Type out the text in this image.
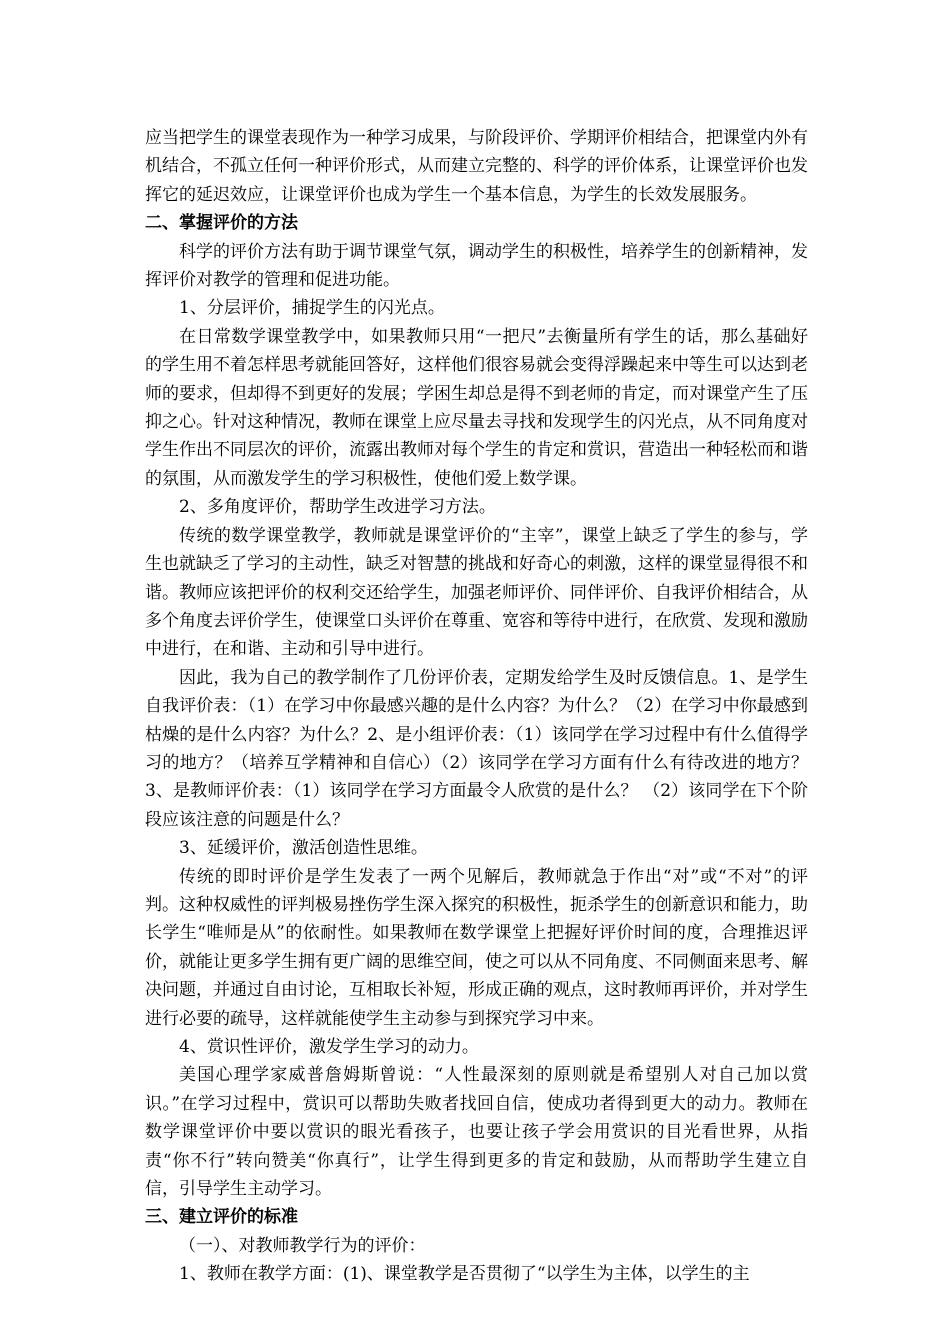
应当把学生的课堂表现作为一种学习成果，与阶段评价、学期评价相结合，把课堂内外有机结合，不孤立任何一种评价形式，从而建立完整的、科学的评价体系，让课堂评价也发挥它的延迟效应，让课堂评价也成为学生一个基本信息，为学生的长效发展服务。

二、掌握评价的方法

科学的评价方法有助于调节课堂气氛，调动学生的积极性，培养学生的创新精神，发挥评价对教学的管理和促进功能。

1、分层评价，捕捉学生的闪光点。

在日常数学课堂教学中，如果教师只用“一把尺”去衡量所有学生的话，那么基础好的学生用不着怎样思考就能回答好，这样他们很容易就会变得浮躁起来中等生可以达到老师的要求，但却得不到更好的发展；学困生却总是得不到老师的肯定，而对课堂产生了压抑之心。针对这种情况，教师在课堂上应尽量去寻找和发现学生的闪光点，从不同角度对学生作出不同层次的评价，流露出教师对每个学生的肯定和赏识，营造出一种轻松而和谐的氛围，从而激发学生的学习积极性，使他们爱上数学课。

2、多角度评价，帮助学生改进学习方法。

传统的数学课堂教学，教师就是课堂评价的“主宰”，课堂上缺乏了学生的参与，学生也就缺乏了学习的主动性，缺乏对智慧的挑战和好奇心的刺激，这样的课堂显得很不和谐。教师应该把评价的权利交还给学生，加强老师评价、同伴评价、自我评价相结合，从多个角度去评价学生，使课堂口头评价在尊重、宽容和等待中进行，在欣赏、发现和激励中进行，在和谐、主动和引导中进行。

因此，我为自己的教学制作了几份评价表，定期发给学生及时反馈信息。1、是学生自我评价表：（1）在学习中你最感兴趣的是什么内容？为什么？（2）在学习中你最感到枯燥的是什么内容？为什么？2、是小组评价表：（1）该同学在学习过程中有什么值得学习的地方？（培养互学精神和自信心）（2）该同学在学习方面有什么有待改进的地方？3、是教师评价表：（1）该同学在学习方面最令人欣赏的是什么？ （2）该同学在下个阶段应该注意的问题是什么？

3、延缓评价，激活创造性思维。

传统的即时评价是学生发表了一两个见解后，教师就急于作出“对”或“不对”的评判。这种权威性的评判极易挫伤学生深入探究的积极性，扼杀学生的创新意识和能力，助长学生“唯师是从”的依耐性。如果教师在数学课堂上把握好评价时间的度，合理推迟评价，就能让更多学生拥有更广阔的思维空间，使之可以从不同角度、不同侧面来思考、解决问题，并通过自由讨论，互相取长补短，形成正确的观点，这时教师再评价，并对学生进行必要的疏导，这样就能使学生主动参与到探究学习中来。

4、赏识性评价，激发学生学习的动力。

美国心理学家威普詹姆斯曾说：“人性最深刻的原则就是希望别人对自己加以赏识。”在学习过程中，赏识可以帮助失败者找回自信，使成功者得到更大的动力。教师在数学课堂评价中要以赏识的眼光看孩子，也要让孩子学会用赏识的目光看世界，从指责“你不行”转向赞美“你真行”，让学生得到更多的肯定和鼓励，从而帮助学生建立自信，引导学生主动学习。

三、建立评价的标准

（一）、对教师教学行为的评价：

1、教师在教学方面：(1)、课堂教学是否贯彻了“以学生为主体，以学生的主
